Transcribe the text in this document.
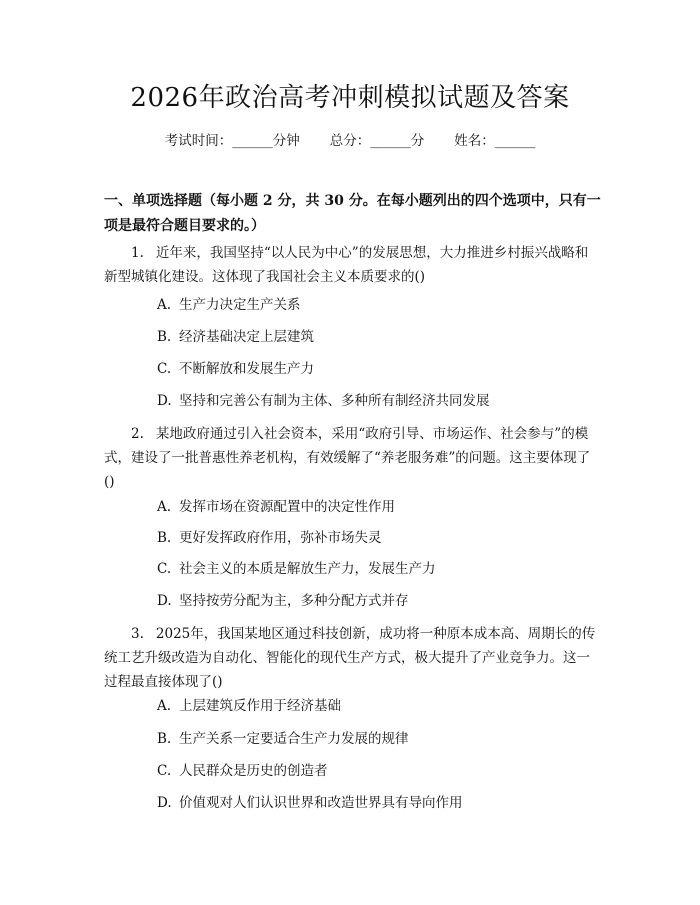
2026年政治高考冲刺模拟试题及答案
考试时间：______分钟 总分：______分 姓名：______
一、单项选择题（每小题 2 分，共 30 分。在每小题列出的四个选项中，只有一项是最符合题目要求的。）
1. 近年来，我国坚持“以人民为中心”的发展思想，大力推进乡村振兴战略和新型城镇化建设。这体现了我国社会主义本质要求的()
A. 生产力决定生产关系
B. 经济基础决定上层建筑
C. 不断解放和发展生产力
D. 坚持和完善公有制为主体、多种所有制经济共同发展
2. 某地政府通过引入社会资本，采用“政府引导、市场运作、社会参与”的模式，建设了一批普惠性养老机构，有效缓解了“养老服务难”的问题。这主要体现了()
A. 发挥市场在资源配置中的决定性作用
B. 更好发挥政府作用，弥补市场失灵
C. 社会主义的本质是解放生产力，发展生产力
D. 坚持按劳分配为主，多种分配方式并存
3. 2025年，我国某地区通过科技创新，成功将一种原本成本高、周期长的传统工艺升级改造为自动化、智能化的现代生产方式，极大提升了产业竞争力。这一过程最直接体现了()
A. 上层建筑反作用于经济基础
B. 生产关系一定要适合生产力发展的规律
C. 人民群众是历史的创造者
D. 价值观对人们认识世界和改造世界具有导向作用
